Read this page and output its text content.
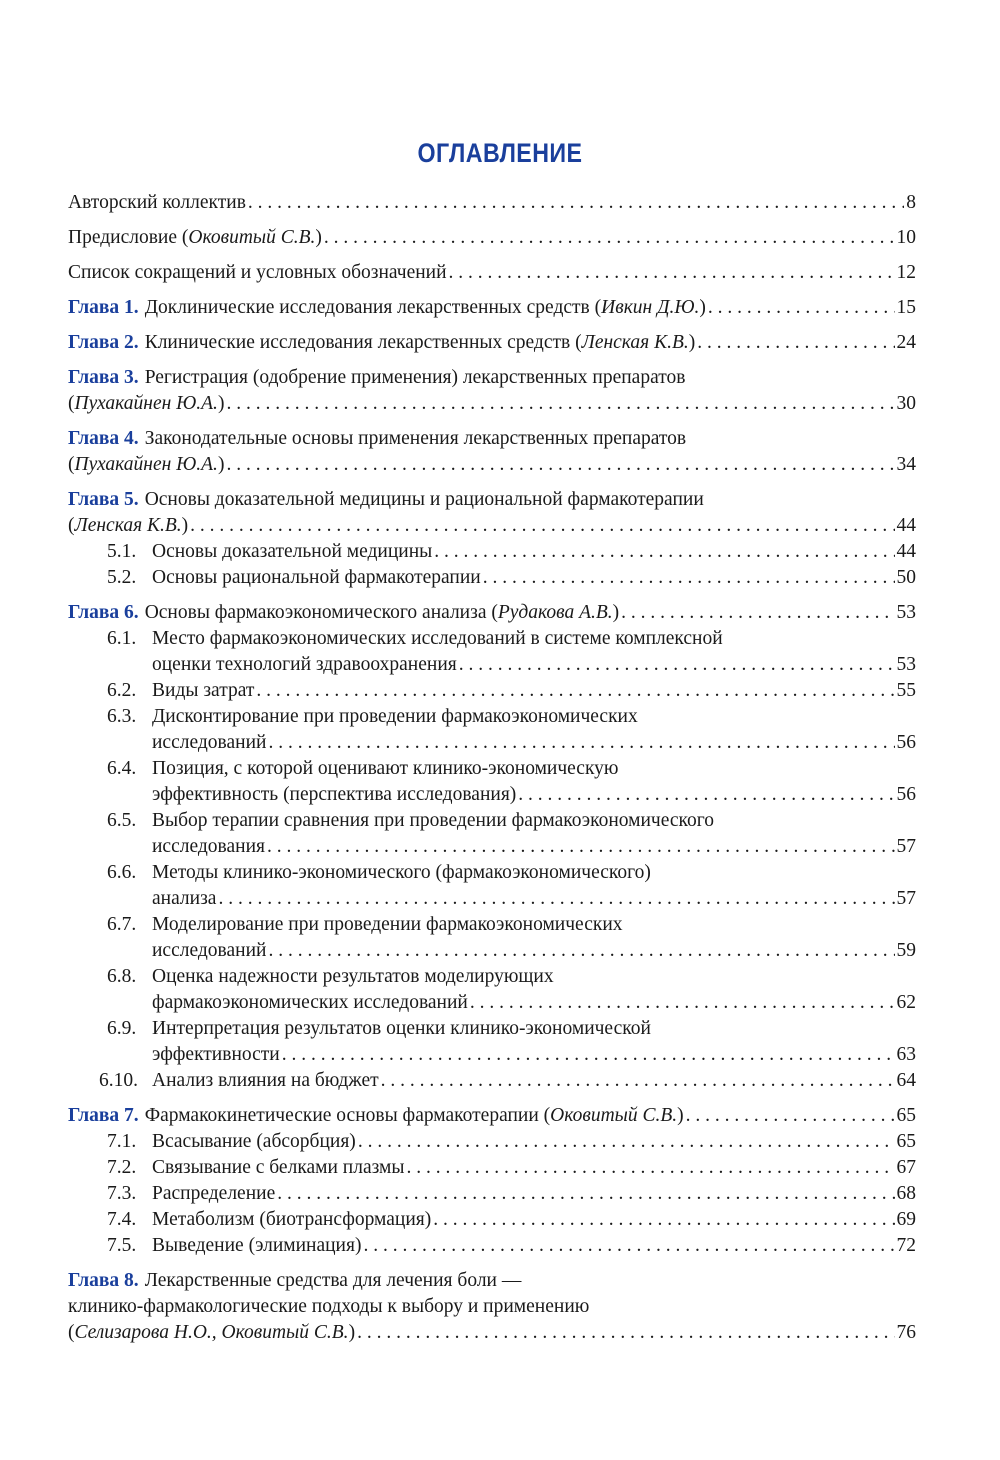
ОГЛАВЛЕНИЕ
Авторский коллектив . . .	8
Предисловие ( Оковитый С.В. ) . . .	10
Список сокращений и условных обозначений . . .	12
Глава 1. Доклинические исследования лекарственных средств ( Ивкин Д.Ю. ) . . .	15
Глава 2. Клинические исследования лекарственных средств ( Ленская К.В. ) . . .	24
Глава 3. Регистрация (одобрение применения) лекарственных препаратов
( Пухакайнен Ю.А. ) . . .	30
Глава 4. Законодательные основы применения лекарственных препаратов
( Пухакайнен Ю.А. ) . . .	34
Глава 5. Основы доказательной медицины и рациональной фармакотерапии
( Ленская К.В. ) . . .	44
5.1. Основы доказательной медицины . . .	44
5.2. Основы рациональной фармакотерапии . . .	50
Глава 6. Основы фармакоэкономического анализа ( Рудакова А.В. ) . . .	53
6.1. Место фармакоэкономических исследований в системе комплексной
оценки технологий здравоохранения . . .	53
6.2. Виды затрат . . .	55
6.3. Дисконтирование при проведении фармакоэкономических
исследований . . .	56
6.4. Позиция, с которой оценивают клинико-экономическую
эффективность (перспектива исследования) . . .	56
6.5. Выбор терапии сравнения при проведении фармакоэкономического
исследования . . .	57
6.6. Методы клинико-экономического (фармакоэкономического)
анализа . . .	57
6.7. Моделирование при проведении фармакоэкономических
исследований . . .	59
6.8. Оценка надежности результатов моделирующих
фармакоэкономических исследований . . .	62
6.9. Интерпретация результатов оценки клинико-экономической
эффективности . . .	63
6.10. Анализ влияния на бюджет . . .	64
Глава 7. Фармакокинетические основы фармакотерапии ( Оковитый С.В. ) . . .	65
7.1. Всасывание (абсорбция) . . .	65
7.2. Связывание с белками плазмы . . .	67
7.3. Распределение . . .	68
7.4. Метаболизм (биотрансформация) . . .	69
7.5. Выведение (элиминация) . . .	72
Глава 8. Лекарственные средства для лечения боли —
клинико-фармакологические подходы к выбору и применению
( Селизарова Н.О., Оковитый С.В. ) . . .	76
